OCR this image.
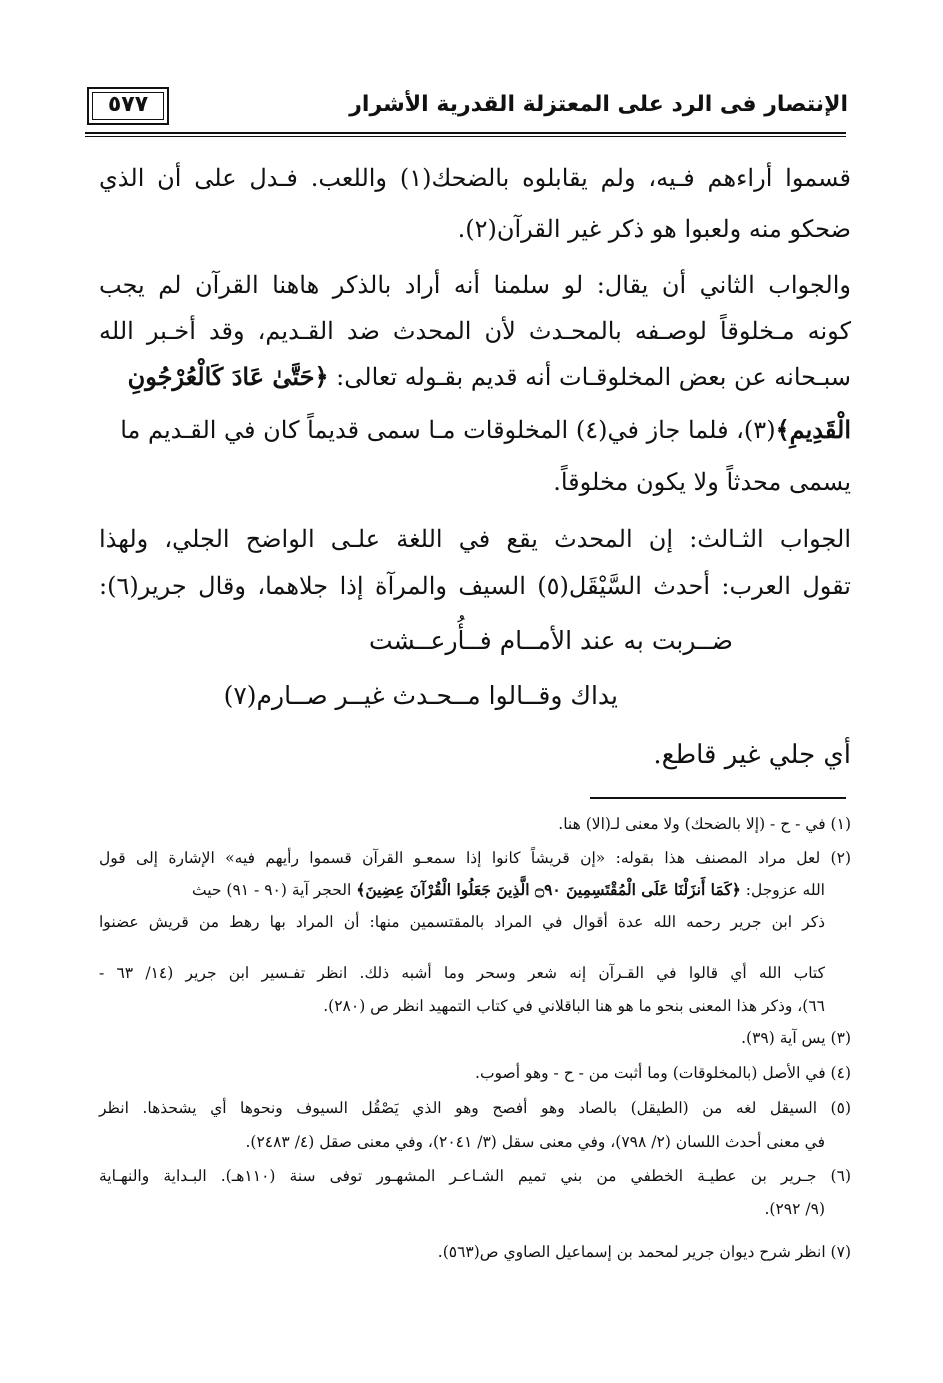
الإنتصار فى الرد على المعتزلة القدرية الأشرار
٥٧٧
قسموا أراءهم فـيه، ولم يقابلوه بالضحك(١) واللعب. فـدل على أن الذي
ضحكو منه ولعبوا هو ذكر غير القرآن(٢).
والجواب الثاني أن يقال: لو سلمنا أنه أراد بالذكر هاهنا القرآن لم يجب
كونه مـخلوقاً لوصـفه بالمحـدث لأن المحدث ضد القـديم، وقد أخـبر الله
سبـحانه عن بعض المخلوقـات أنه قديم بقـوله تعالى: ﴿حَتَّىٰ عَادَ كَالْعُرْجُونِ
الْقَدِيمِ﴾(٣)، فلما جاز في(٤) المخلوقات مـا سمى قديماً كان في القـديم ما
يسمى محدثاً ولا يكون مخلوقاً.
الجواب الثـالث: إن المحدث يقع في اللغة علـى الواضح الجلي، ولهذا
تقول العرب: أحدث السَّيْقَل(٥) السيف والمرآة إذا جلاهما، وقال جرير(٦):
ضــربت به عند الأمــام فــأُرعــشت
يداك وقــالوا مــحـدث غيــر صــارم(٧)
أي جلي غير قاطع.
(١) في - ح - (إلا بالضحك) ولا معنى لـ(الا) هنا.
(٢) لعل مراد المصنف هذا بقوله: «إن قريشاً كانوا إذا سمعـو القرآن قسموا رأيهم فيه» الإشارة إلى قول
الله عزوجل: ﴿كَمَا أَنزَلْنَا عَلَى الْمُقْتَسِمِينَ ۝٩٠ الَّذِينَ جَعَلُوا الْقُرْآنَ عِضِينَ﴾ الحجر آية (٩٠ - ٩١) حيث
ذكر ابن جرير رحمه الله عدة أقوال في المراد بالمقتسمين منها: أن المراد بها رهط من قريش عضنوا
كتاب الله أي قالوا في القـرآن إنه شعر وسحر وما أشبه ذلك. انظر تفـسير ابن جرير (١٤/ ٦٣ -
٦٦)، وذكر هذا المعنى بنحو ما هو هنا الباقلاني في كتاب التمهيد انظر ص (٢٨٠).
(٣) يس آية (٣٩).
(٤) في الأصل (بالمخلوقات) وما أثبت من - ح - وهو أصوب.
(٥) السيقل لغه من (الطيقل) بالصاد وهو أفصح وهو الذي يَصْقُل السيوف ونحوها أي يشحذها. انظر
في معنى أحدث اللسان (٢/ ٧٩٨)، وفي معنى سقل (٣/ ٢٠٤١)، وفي معنى صقل (٤/ ٢٤٨٣).
(٦) جـرير بن عطيـة الخطفي من بني تميم الشـاعـر المشهـور توفى سنة (١١٠هـ). البـداية والنهـاية
(٩/ ٢٩٢).
(٧) انظر شرح ديوان جرير لمحمد بن إسماعيل الصاوي ص(٥٦٣).
